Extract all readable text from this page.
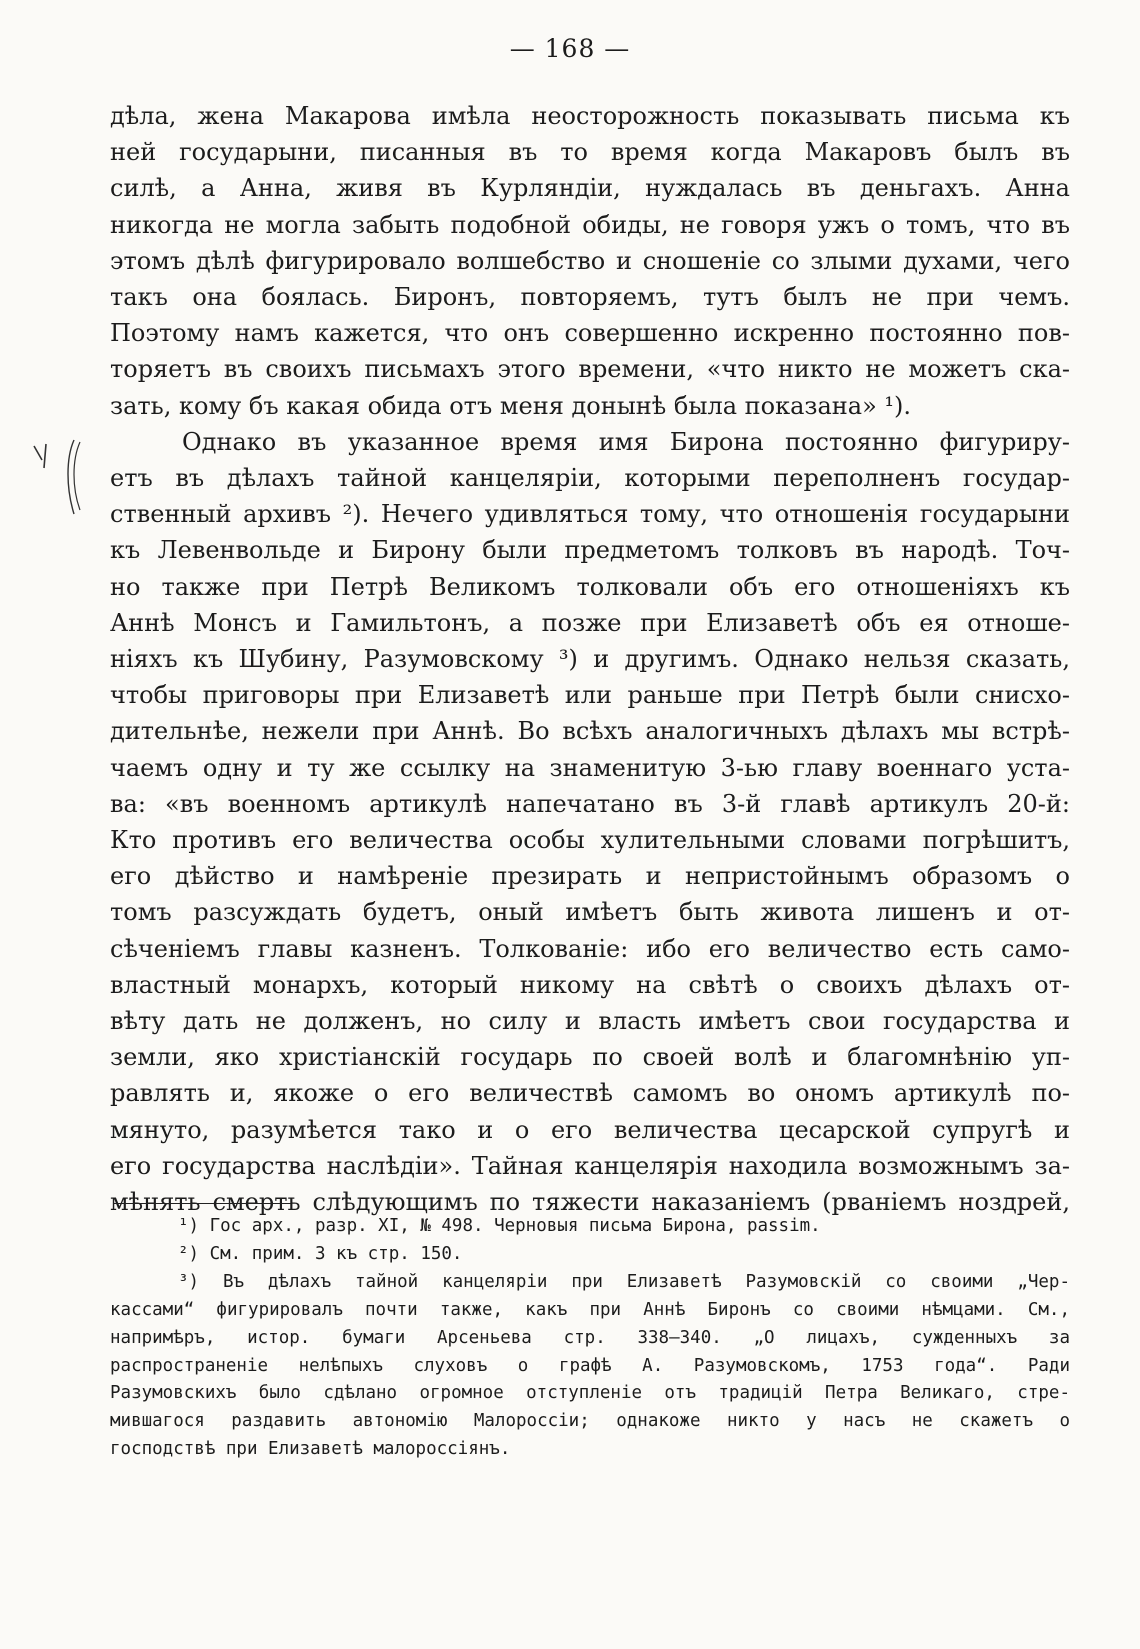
— 168 —
дѣла, жена Макарова имѣла неосторожность показывать письма къ
ней государыни, писанныя въ то время когда Макаровъ былъ въ
силѣ, а Анна, живя въ Курляндіи, нуждалась въ деньгахъ. Анна
никогда не могла забыть подобной обиды, не говоря ужъ о томъ, что въ
этомъ дѣлѣ фигурировало волшебство и сношеніе со злыми духами, чего
такъ она боялась. Биронъ, повторяемъ, тутъ былъ не при чемъ.
Поэтому намъ кажется, что онъ совершенно искренно постоянно пов-
торяетъ въ своихъ письмахъ этого времени, «что никто не можетъ ска-
зать, кому бъ какая обида отъ меня донынѣ была показана» ¹).
Однако въ указанное время имя Бирона постоянно фигуриру-
етъ въ дѣлахъ тайной канцеляріи, которыми переполненъ государ-
ственный архивъ ²). Нечего удивляться тому, что отношенія государыни
къ Левенвольде и Бирону были предметомъ толковъ въ народѣ. Точ-
но также при Петрѣ Великомъ толковали объ его отношеніяхъ къ
Аннѣ Монсъ и Гамильтонъ, а позже при Елизаветѣ объ ея отноше-
ніяхъ къ Шубину, Разумовскому ³) и другимъ. Однако нельзя сказать,
чтобы приговоры при Елизаветѣ или раньше при Петрѣ были снисхо-
дительнѣе, нежели при Аннѣ. Во всѣхъ аналогичныхъ дѣлахъ мы встрѣ-
чаемъ одну и ту же ссылку на знаменитую 3-ью главу военнаго уста-
ва: «въ военномъ артикулѣ напечатано въ 3-й главѣ артикулъ 20-й:
Кто противъ его величества особы хулительными словами погрѣшитъ,
его дѣйство и намѣреніе презирать и непристойнымъ образомъ о
томъ разсуждать будетъ, оный имѣетъ быть живота лишенъ и от-
сѣченіемъ главы казненъ. Толкованіе: ибо его величество есть само-
властный монархъ, который никому на свѣтѣ о своихъ дѣлахъ от-
вѣту дать не долженъ, но силу и власть имѣетъ свои государства и
земли, яко христіанскій государь по своей волѣ и благомнѣнію уп-
равлять и, якоже о его величествѣ самомъ во ономъ артикулѣ по-
мянуто, разумѣется тако и о его величества цесарской супругѣ и
его государства наслѣдіи». Тайная канцелярія находила возможнымъ за-
мѣнять смерть слѣдующимъ по тяжести наказаніемъ (рваніемъ ноздрей,
¹) Гос арх., разр. XI, № 498. Черновыя письма Бирона, passim.
²) См. прим. 3 къ стр. 150.
³) Въ дѣлахъ тайной канцеляріи при Елизаветѣ Разумовскій со своими „Чер-
кассами“ фигурировалъ почти также, какъ при Аннѣ Биронъ со своими нѣмцами. См.,
напримѣръ, истор. бумаги Арсеньева стр. 338—340. „О лицахъ, сужденныхъ за
распространеніе нелѣпыхъ слуховъ о графѣ А. Разумовскомъ, 1753 года“. Ради
Разумовскихъ было сдѣлано огромное отступленіе отъ традицій Петра Великаго, стре-
мившагося раздавить автономію Малороссіи; однакоже никто у насъ не скажетъ о
господствѣ при Елизаветѣ малороссіянъ.
